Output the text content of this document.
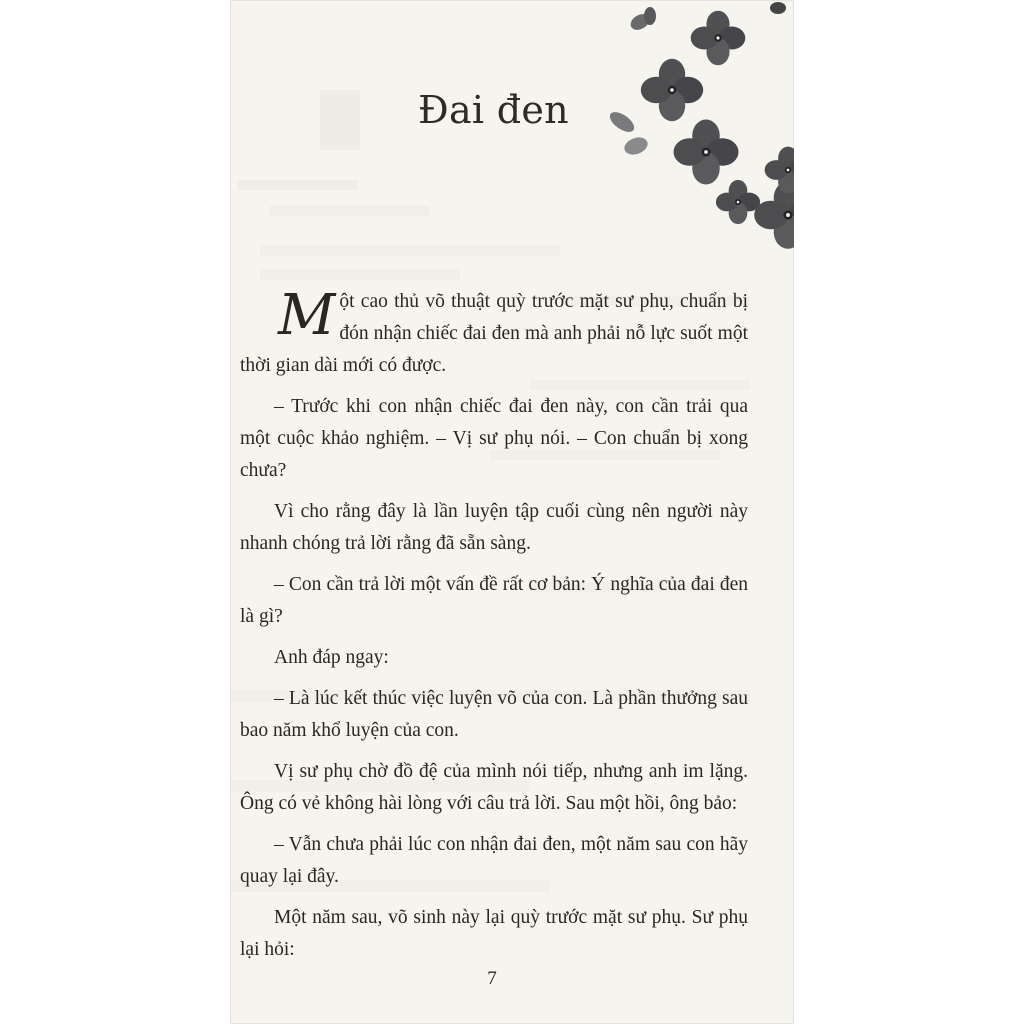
Đai đen

Một cao thủ võ thuật quỳ trước mặt sư phụ, chuẩn bị đón nhận chiếc đai đen mà anh phải nỗ lực suốt một thời gian dài mới có được.

– Trước khi con nhận chiếc đai đen này, con cần trải qua một cuộc khảo nghiệm. – Vị sư phụ nói. – Con chuẩn bị xong chưa?

Vì cho rằng đây là lần luyện tập cuối cùng nên người này nhanh chóng trả lời rằng đã sẵn sàng.

– Con cần trả lời một vấn đề rất cơ bản: Ý nghĩa của đai đen là gì?

Anh đáp ngay:

– Là lúc kết thúc việc luyện võ của con. Là phần thưởng sau bao năm khổ luyện của con.

Vị sư phụ chờ đồ đệ của mình nói tiếp, nhưng anh im lặng. Ông có vẻ không hài lòng với câu trả lời. Sau một hồi, ông bảo:

– Vẫn chưa phải lúc con nhận đai đen, một năm sau con hãy quay lại đây.

Một năm sau, võ sinh này lại quỳ trước mặt sư phụ. Sư phụ lại hỏi:

7
